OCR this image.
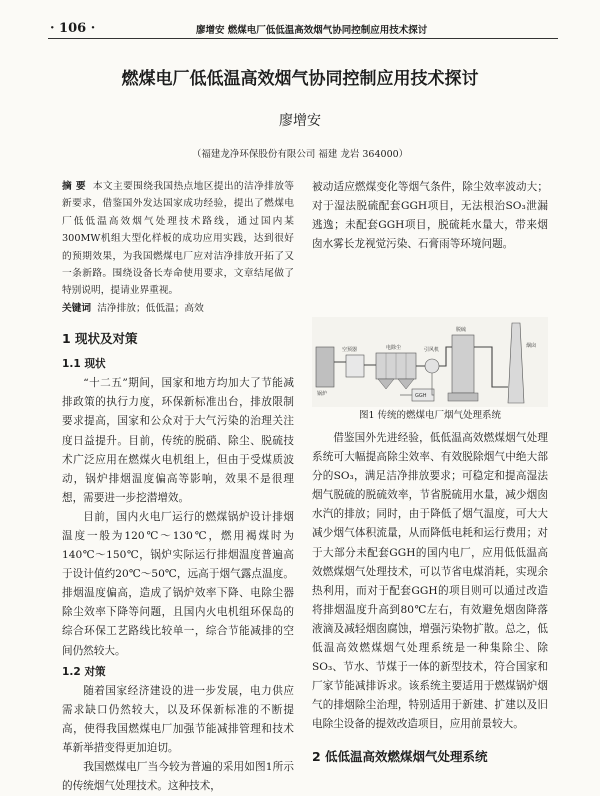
· 106 ·	廖增安 燃煤电厂低低温高效烟气协同控制应用技术探讨
燃煤电厂低低温高效烟气协同控制应用技术探讨
廖增安
（福建龙净环保股份有限公司 福建 龙岩 364000）

摘 要 本文主要围绕我国热点地区提出的洁净排放等新要求，借鉴国外发达国家成功经验，提出了燃煤电厂低低温高效烟气处理技术路线，通过国内某300MW机组大型化样板的成功应用实践，达到很好的预期效果，为我国燃煤电厂应对洁净排放开拓了又一条新路。围绕设备长寿命使用要求，文章结尾做了特别说明，提请业界重视。

关键词 洁净排放；低低温；高效

1 现状及对策
1.1 现状

“十二五”期间，国家和地方均加大了节能减排政策的执行力度，环保新标准出台，排放限制要求提高，国家和公众对于大气污染的治理关注度日益提升。目前，传统的脱硝、除尘、脱硫技术广泛应用在燃煤火电机组上，但由于受煤质波动，锅炉排烟温度偏高等影响，效果不是很理想，需要进一步挖潜增效。

目前，国内火电厂运行的燃煤锅炉设计排烟温度一般为120℃～130℃，燃用褐煤时为140℃～150℃，锅炉实际运行排烟温度普遍高于设计值约20℃～50℃，远高于烟气露点温度。排烟温度偏高，造成了锅炉效率下降、电除尘器除尘效率下降等问题，且国内火电机组环保岛的综合环保工艺路线比较单一，综合节能减排的空间仍然较大。

1.2 对策

随着国家经济建设的进一步发展，电力供应需求缺口仍然较大，以及环保新标准的不断提高，使得我国燃煤电厂加强节能减排管理和技术革新举措变得更加迫切。

我国燃煤电厂当今较为普遍的采用如图1所示的传统烟气处理技术。这种技术，

被动适应燃煤变化等烟气条件，除尘效率波动大；对于湿法脱硫配套GGH项目，无法根治SO₃泄漏逃逸；未配套GGH项目，脱硫耗水量大，带来烟囱水雾长龙视觉污染、石膏雨等环境问题。

锅炉
空预器	电除尘	引风机
GGH
脱硫
烟囱

图1 传统的燃煤电厂烟气处理系统

借鉴国外先进经验，低低温高效燃煤烟气处理系统可大幅提高除尘效率、有效脱除烟气中绝大部分的SO₃，满足洁净排放要求；可稳定和提高湿法烟气脱硫的脱硫效率，节省脱硫用水量，减少烟囱水汽的排放；同时，由于降低了烟气温度，可大大减少烟气体积流量，从而降低电耗和运行费用；对于大部分未配套GGH的国内电厂，应用低低温高效燃煤烟气处理技术，可以节省电煤消耗，实现余热利用，而对于配套GGH的项目则可以通过改造将排烟温度升高到80℃左右，有效避免烟囱降落液滴及减轻烟囱腐蚀，增强污染物扩散。总之，低低温高效燃煤烟气处理系统是一种集除尘、除SO₃、节水、节煤于一体的新型技术，符合国家和厂家节能减排诉求。该系统主要适用于燃煤锅炉烟气的排烟除尘治理，特别适用于新建、扩建以及旧电除尘设备的提效改造项目，应用前景较大。

2 低低温高效燃煤烟气处理系统
